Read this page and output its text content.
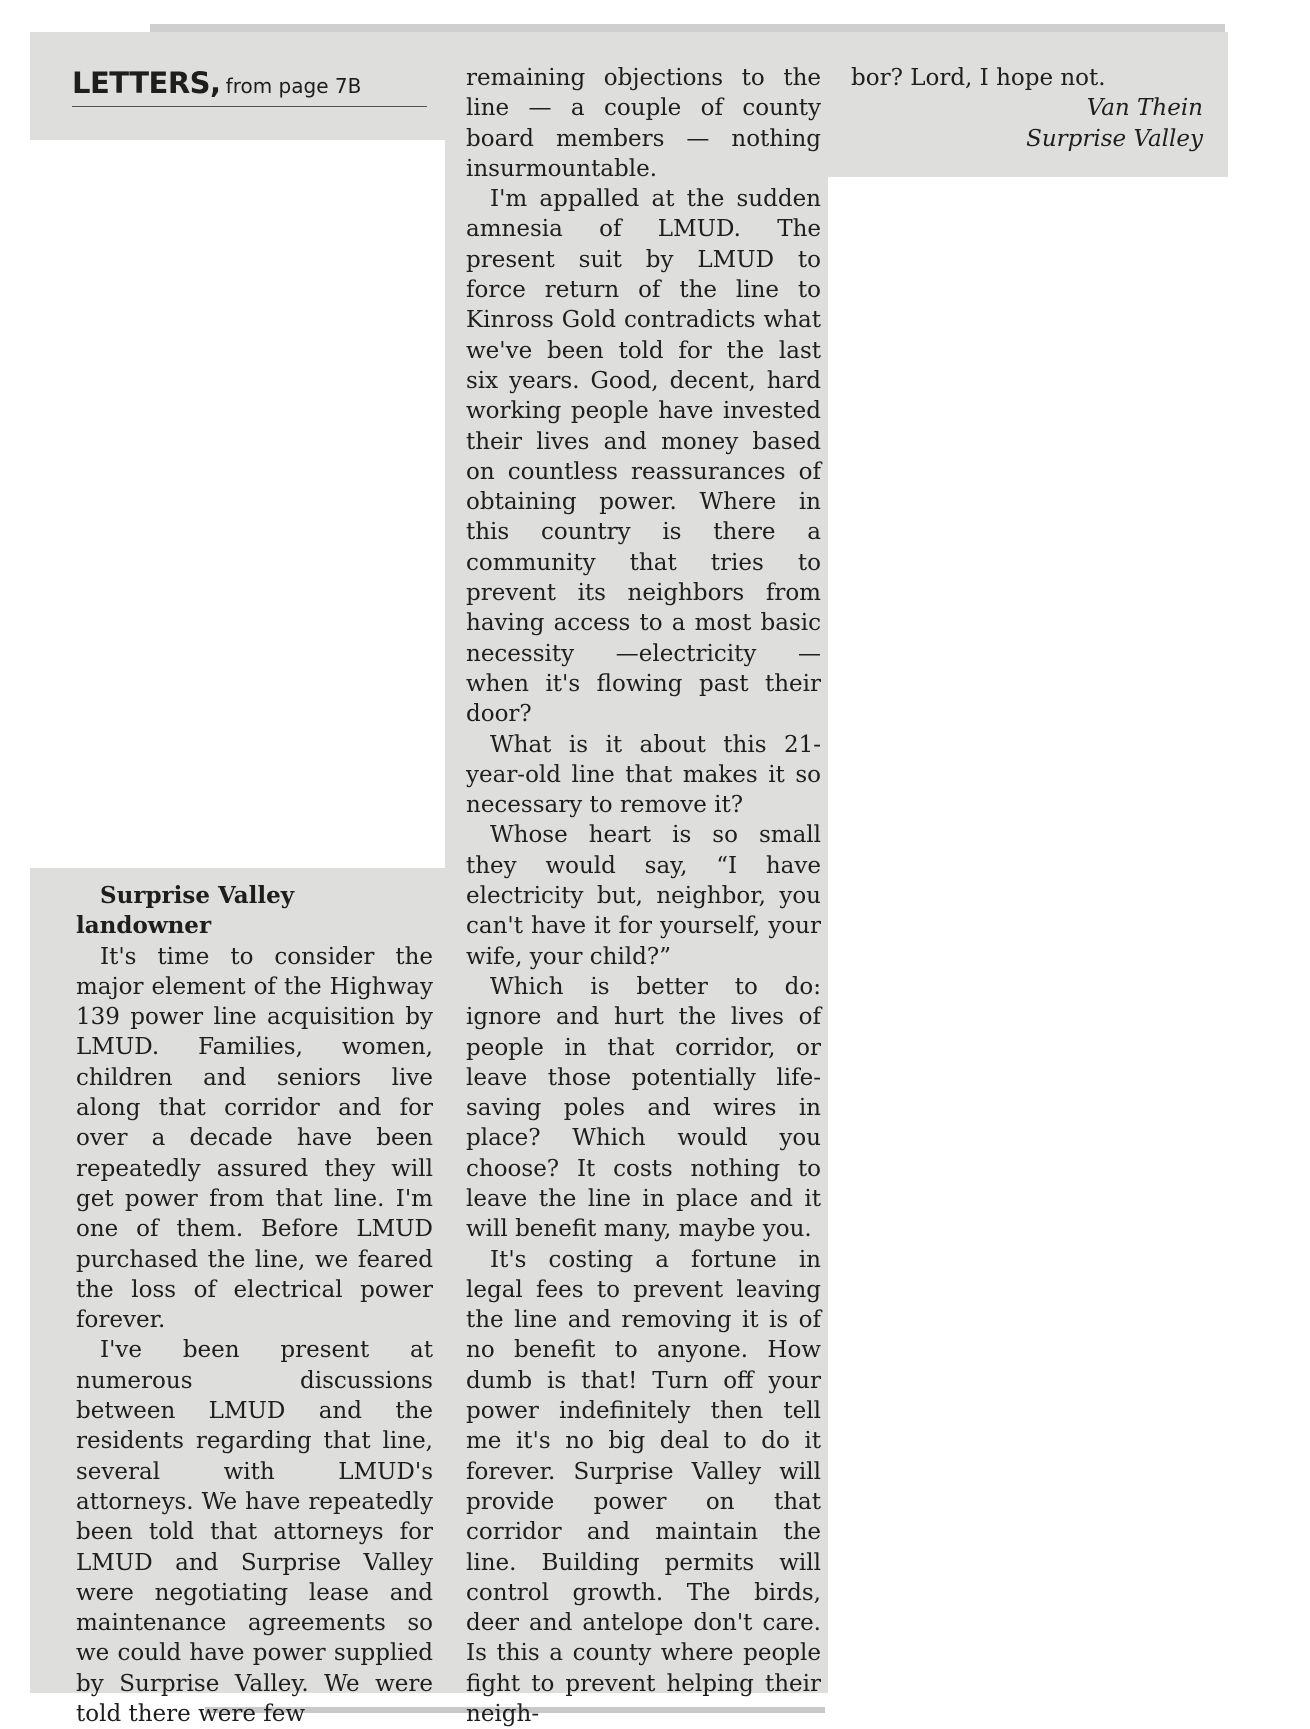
LETTERS, from page 7B

Surprise Valley landowner

It's time to consider the major element of the Highway 139 power line acquisition by LMUD. Families, women, children and seniors live along that corridor and for over a decade have been repeatedly assured they will get power from that line. I'm one of them. Before LMUD purchased the line, we feared the loss of electrical power forever.

I've been present at numerous discussions between LMUD and the residents regarding that line, several with LMUD's attorneys. We have repeatedly been told that attorneys for LMUD and Surprise Valley were negotiating lease and maintenance agreements so we could have power supplied by Surprise Valley. We were told there were few

remaining objections to the line — a couple of county board members — nothing insurmountable.

I'm appalled at the sudden amnesia of LMUD. The present suit by LMUD to force return of the line to Kinross Gold contradicts what we've been told for the last six years. Good, decent, hard working people have invested their lives and money based on countless reassurances of obtaining power. Where in this country is there a community that tries to prevent its neighbors from having access to a most basic necessity —electricity — when it's flowing past their door?

What is it about this 21-year-old line that makes it so necessary to remove it?

Whose heart is so small they would say, “I have electricity but, neighbor, you can't have it for yourself, your wife, your child?”

Which is better to do: ignore and hurt the lives of people in that corridor, or leave those potentially life-saving poles and wires in place? Which would you choose? It costs nothing to leave the line in place and it will benefit many, maybe you.

It's costing a fortune in legal fees to prevent leaving the line and removing it is of no benefit to anyone. How dumb is that! Turn off your power indefinitely then tell me it's no big deal to do it forever. Surprise Valley will provide power on that corridor and maintain the line. Building permits will control growth. The birds, deer and antelope don't care. Is this a county where people fight to prevent helping their neigh-

bor? Lord, I hope not.

Van Thein
Surprise Valley
